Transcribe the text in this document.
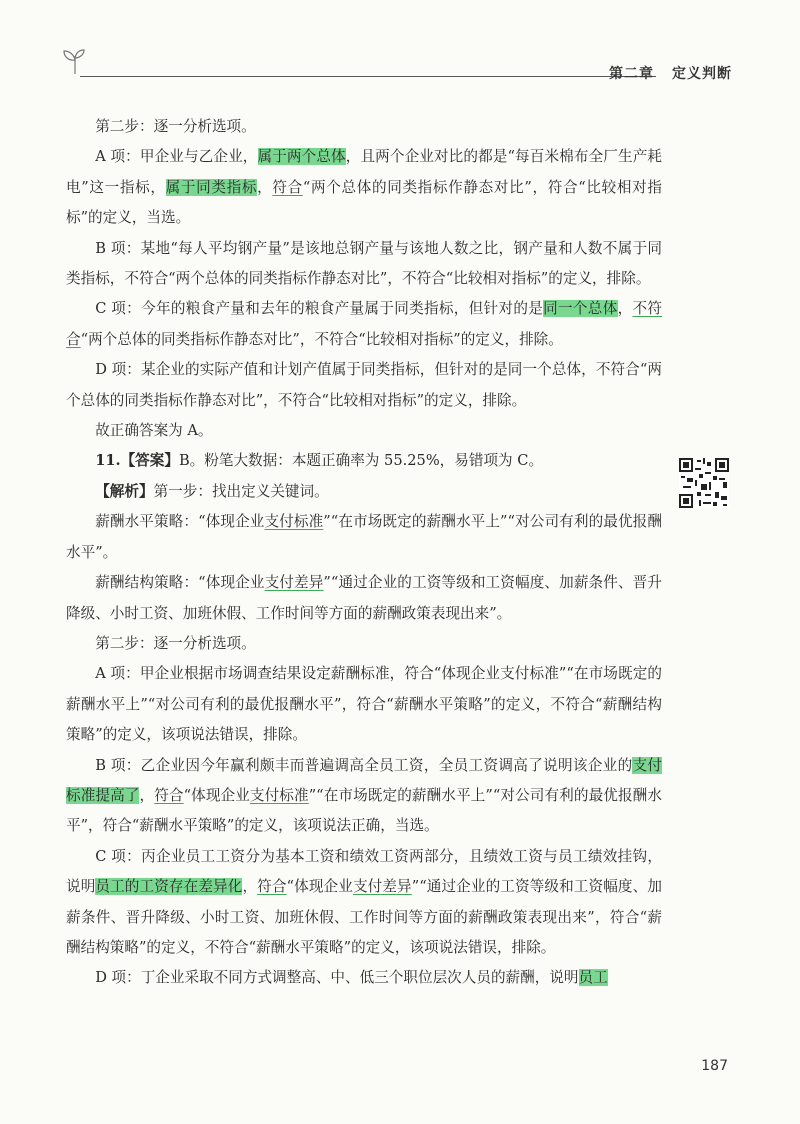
第二章 定义判断

第二步：逐一分析选项。

A 项：甲企业与乙企业，属于两个总体，且两个企业对比的都是“每百米棉布全厂生产耗电”这一指标，属于同类指标，符合“两个总体的同类指标作静态对比”，符合“比较相对指标”的定义，当选。

B 项：某地“每人平均钢产量”是该地总钢产量与该地人数之比，钢产量和人数不属于同类指标，不符合“两个总体的同类指标作静态对比”，不符合“比较相对指标”的定义，排除。

C 项：今年的粮食产量和去年的粮食产量属于同类指标，但针对的是同一个总体，不符合“两个总体的同类指标作静态对比”，不符合“比较相对指标”的定义，排除。

D 项：某企业的实际产值和计划产值属于同类指标，但针对的是同一个总体，不符合“两个总体的同类指标作静态对比”，不符合“比较相对指标”的定义，排除。

故正确答案为 A。

11.【答案】B。粉笔大数据：本题正确率为 55.25%，易错项为 C。

【解析】第一步：找出定义关键词。

薪酬水平策略：“体现企业支付标准”“在市场既定的薪酬水平上”“对公司有利的最优报酬水平”。

薪酬结构策略：“体现企业支付差异”“通过企业的工资等级和工资幅度、加薪条件、晋升降级、小时工资、加班休假、工作时间等方面的薪酬政策表现出来”。

第二步：逐一分析选项。

A 项：甲企业根据市场调查结果设定薪酬标准，符合“体现企业支付标准”“在市场既定的薪酬水平上”“对公司有利的最优报酬水平”，符合“薪酬水平策略”的定义，不符合“薪酬结构策略”的定义，该项说法错误，排除。

B 项：乙企业因今年赢利颇丰而普遍调高全员工资，全员工资调高了说明该企业的支付标准提高了，符合“体现企业支付标准”“在市场既定的薪酬水平上”“对公司有利的最优报酬水平”，符合“薪酬水平策略”的定义，该项说法正确，当选。

C 项：丙企业员工工资分为基本工资和绩效工资两部分，且绩效工资与员工绩效挂钩，说明员工的工资存在差异化，符合“体现企业支付差异”“通过企业的工资等级和工资幅度、加薪条件、晋升降级、小时工资、加班休假、工作时间等方面的薪酬政策表现出来”，符合“薪酬结构策略”的定义，不符合“薪酬水平策略”的定义，该项说法错误，排除。

D 项：丁企业采取不同方式调整高、中、低三个职位层次人员的薪酬，说明员工

187
